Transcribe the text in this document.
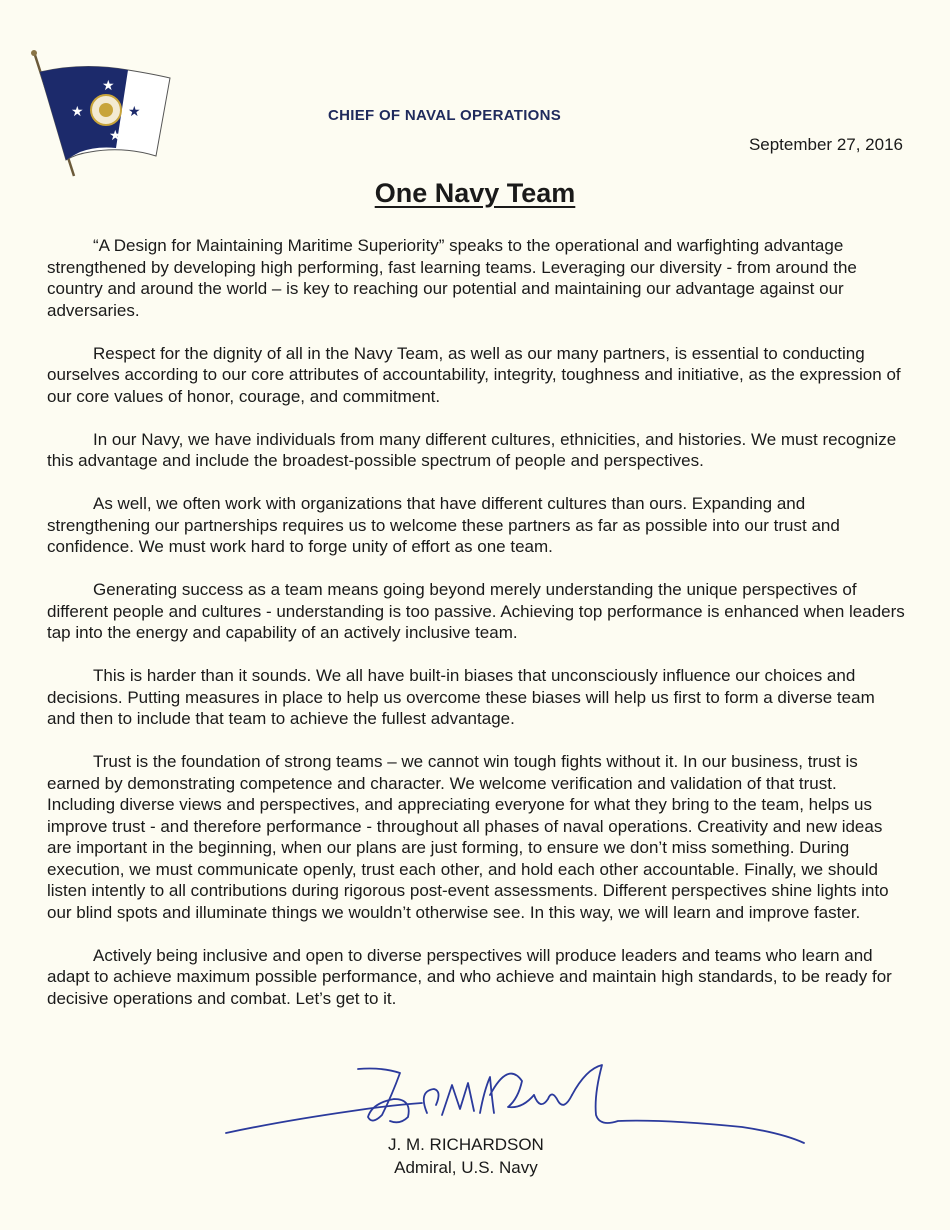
★
★	★
★
CHIEF OF NAVAL OPERATIONS
September 27, 2016
One Navy Team

“A Design for Maintaining Maritime Superiority” speaks to the operational and warfighting advantage strengthened by developing high performing, fast learning teams. Leveraging our diversity - from around the country and around the world – is key to reaching our potential and maintaining our advantage against our adversaries.

Respect for the dignity of all in the Navy Team, as well as our many partners, is essential to conducting ourselves according to our core attributes of accountability, integrity, toughness and initiative, as the expression of our core values of honor, courage, and commitment.

In our Navy, we have individuals from many different cultures, ethnicities, and histories. We must recognize this advantage and include the broadest-possible spectrum of people and perspectives.

As well, we often work with organizations that have different cultures than ours. Expanding and strengthening our partnerships requires us to welcome these partners as far as possible into our trust and confidence. We must work hard to forge unity of effort as one team.

Generating success as a team means going beyond merely understanding the unique perspectives of different people and cultures - understanding is too passive. Achieving top performance is enhanced when leaders tap into the energy and capability of an actively inclusive team.

This is harder than it sounds. We all have built-in biases that unconsciously influence our choices and decisions. Putting measures in place to help us overcome these biases will help us first to form a diverse team and then to include that team to achieve the fullest advantage.

Trust is the foundation of strong teams – we cannot win tough fights without it. In our business, trust is earned by demonstrating competence and character. We welcome verification and validation of that trust. Including diverse views and perspectives, and appreciating everyone for what they bring to the team, helps us improve trust - and therefore performance - throughout all phases of naval operations. Creativity and new ideas are important in the beginning, when our plans are just forming, to ensure we don’t miss something. During execution, we must communicate openly, trust each other, and hold each other accountable. Finally, we should listen intently to all contributions during rigorous post-event assessments. Different perspectives shine lights into our blind spots and illuminate things we wouldn’t otherwise see. In this way, we will learn and improve faster.

Actively being inclusive and open to diverse perspectives will produce leaders and teams who learn and adapt to achieve maximum possible performance, and who achieve and maintain high standards, to be ready for decisive operations and combat. Let’s get to it.

J. M. RICHARDSON
Admiral, U.S. Navy
